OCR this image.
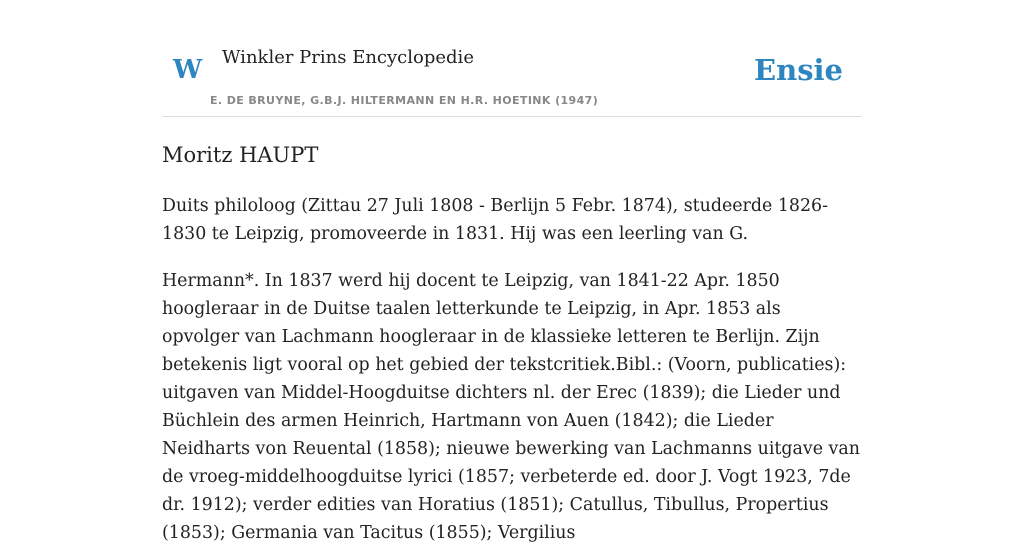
W Winkler Prins Encyclopedie
E. DE BRUYNE, G.B.J. HILTERMANN EN H.R. HOETINK (1947)
Ensie
Moritz HAUPT

Duits philoloog (Zittau 27 Juli 1808 - Berlijn 5 Febr. 1874), studeerde 1826-1830 te Leipzig, promoveerde in 1831. Hij was een leerling van G.

Hermann*. In 1837 werd hij docent te Leipzig, van 1841-22 Apr. 1850 hoogleraar in de Duitse taalen letterkunde te Leipzig, in Apr. 1853 als opvolger van Lachmann hoogleraar in de klassieke letteren te Berlijn. Zijn betekenis ligt vooral op het gebied der tekstcritiek.Bibl.: (Voorn, publicaties): uitgaven van Middel-Hoogduitse dichters nl. der Erec (1839); die Lieder und Büchlein des armen Heinrich, Hartmann von Auen (1842); die Lieder Neidharts von Reuental (1858); nieuwe bewerking van Lachmanns uitgave van de vroeg-middelhoogduitse lyrici (1857; verbeterde ed. door J. Vogt 1923, 7de dr. 1912); verder edities van Horatius (1851); Catullus, Tibullus, Propertius (1853); Germania van Tacitus (1855); Vergilius
